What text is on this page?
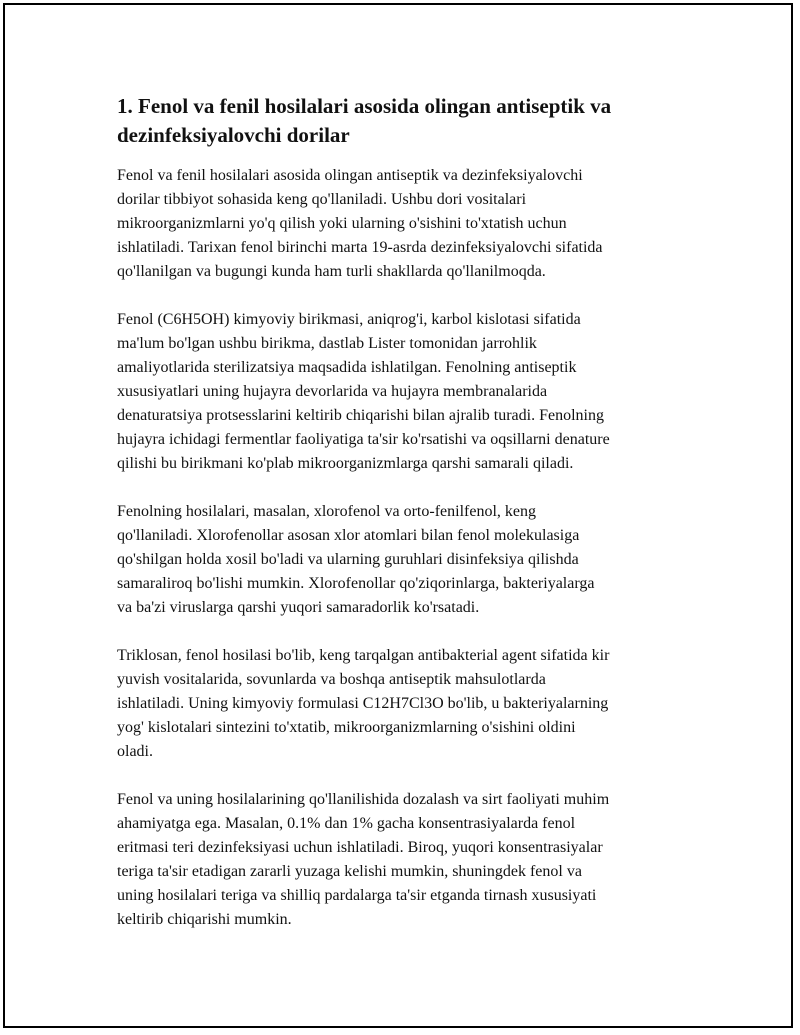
1. Fenol va fenil hosilalari asosida olingan antiseptik va
dezinfeksiyalovchi dorilar

Fenol va fenil hosilalari asosida olingan antiseptik va dezinfeksiyalovchi
dorilar tibbiyot sohasida keng qo'llaniladi. Ushbu dori vositalari
mikroorganizmlarni yo'q qilish yoki ularning o'sishini to'xtatish uchun
ishlatiladi. Tarixan fenol birinchi marta 19-asrda dezinfeksiyalovchi sifatida
qo'llanilgan va bugungi kunda ham turli shakllarda qo'llanilmoqda.

Fenol (C6H5OH) kimyoviy birikmasi, aniqrog'i, karbol kislotasi sifatida
ma'lum bo'lgan ushbu birikma, dastlab Lister tomonidan jarrohlik
amaliyotlarida sterilizatsiya maqsadida ishlatilgan. Fenolning antiseptik
xususiyatlari uning hujayra devorlarida va hujayra membranalarida
denaturatsiya protsesslarini keltirib chiqarishi bilan ajralib turadi. Fenolning
hujayra ichidagi fermentlar faoliyatiga ta'sir ko'rsatishi va oqsillarni denature
qilishi bu birikmani ko'plab mikroorganizmlarga qarshi samarali qiladi.

Fenolning hosilalari, masalan, xlorofenol va orto-fenilfenol, keng
qo'llaniladi. Xlorofenollar asosan xlor atomlari bilan fenol molekulasiga
qo'shilgan holda xosil bo'ladi va ularning guruhlari disinfeksiya qilishda
samaraliroq bo'lishi mumkin. Xlorofenollar qo'ziqorinlarga, bakteriyalarga
va ba'zi viruslarga qarshi yuqori samaradorlik ko'rsatadi.

Triklosan, fenol hosilasi bo'lib, keng tarqalgan antibakterial agent sifatida kir
yuvish vositalarida, sovunlarda va boshqa antiseptik mahsulotlarda
ishlatiladi. Uning kimyoviy formulasi C12H7Cl3O bo'lib, u bakteriyalarning
yog' kislotalari sintezini to'xtatib, mikroorganizmlarning o'sishini oldini
oladi.

Fenol va uning hosilalarining qo'llanilishida dozalash va sirt faoliyati muhim
ahamiyatga ega. Masalan, 0.1% dan 1% gacha konsentrasiyalarda fenol
eritmasi teri dezinfeksiyasi uchun ishlatiladi. Biroq, yuqori konsentrasiyalar
teriga ta'sir etadigan zararli yuzaga kelishi mumkin, shuningdek fenol va
uning hosilalari teriga va shilliq pardalarga ta'sir etganda tirnash xususiyati
keltirib chiqarishi mumkin.
